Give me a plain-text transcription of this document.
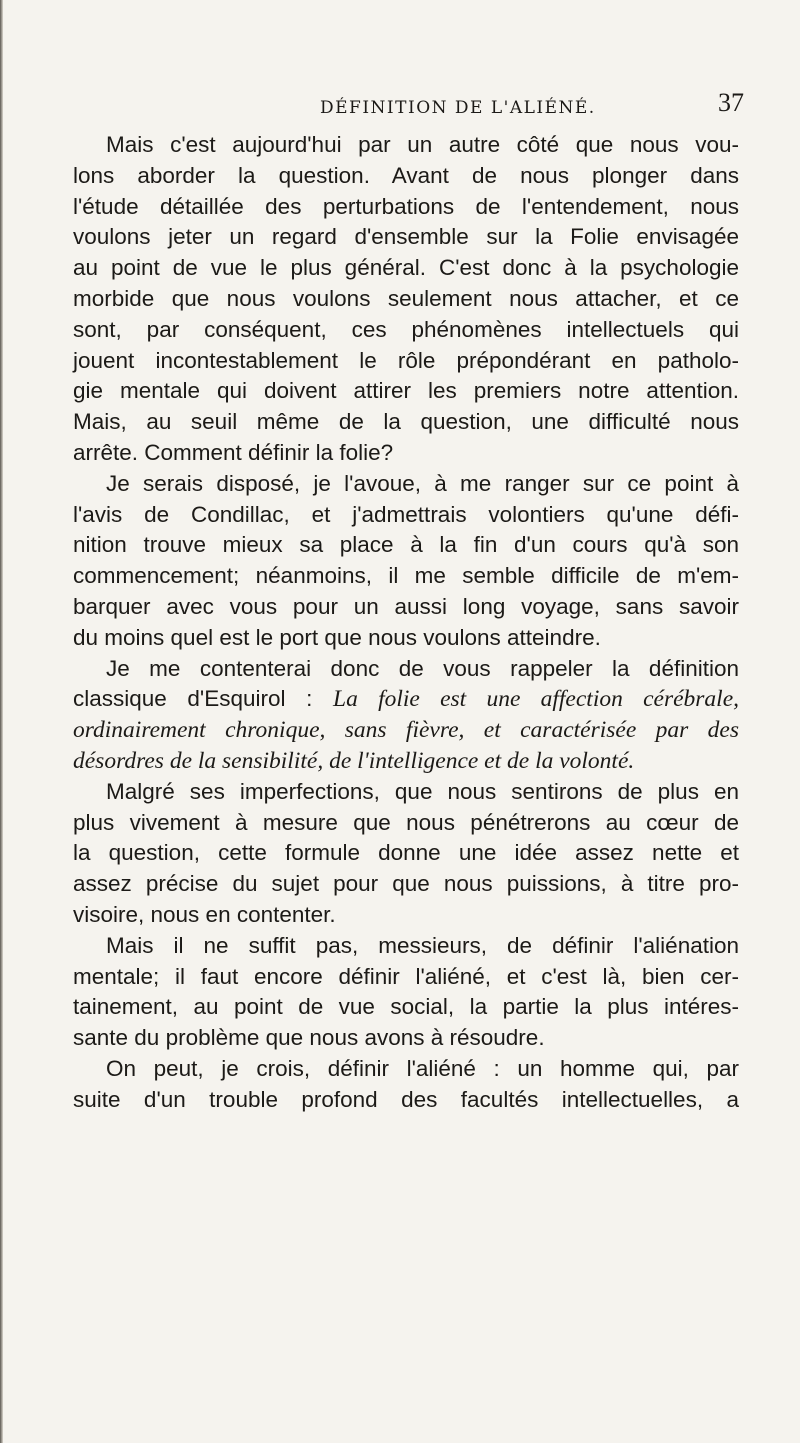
DÉFINITION DE L'ALIÉNÉ.	37
Mais c'est aujourd'hui par un autre côté que nous vou-
lons aborder la question. Avant de nous plonger dans
l'étude détaillée des perturbations de l'entendement, nous
voulons jeter un regard d'ensemble sur la Folie envisagée
au point de vue le plus général. C'est donc à la psychologie
morbide que nous voulons seulement nous attacher, et ce
sont, par conséquent, ces phénomènes intellectuels qui
jouent incontestablement le rôle prépondérant en patholo-
gie mentale qui doivent attirer les premiers notre attention.
Mais, au seuil même de la question, une difficulté nous
arrête. Comment définir la folie?
Je serais disposé, je l'avoue, à me ranger sur ce point à
l'avis de Condillac, et j'admettrais volontiers qu'une défi-
nition trouve mieux sa place à la fin d'un cours qu'à son
commencement; néanmoins, il me semble difficile de m'em-
barquer avec vous pour un aussi long voyage, sans savoir
du moins quel est le port que nous voulons atteindre.
Je me contenterai donc de vous rappeler la définition
classique d'Esquirol : La folie est une affection cérébrale,
ordinairement chronique, sans fièvre, et caractérisée par des
désordres de la sensibilité, de l'intelligence et de la volonté.
Malgré ses imperfections, que nous sentirons de plus en
plus vivement à mesure que nous pénétrerons au cœur de
la question, cette formule donne une idée assez nette et
assez précise du sujet pour que nous puissions, à titre pro-
visoire, nous en contenter.
Mais il ne suffit pas, messieurs, de définir l'aliénation
mentale; il faut encore définir l'aliéné, et c'est là, bien cer-
tainement, au point de vue social, la partie la plus intéres-
sante du problème que nous avons à résoudre.
On peut, je crois, définir l'aliéné : un homme qui, par
suite d'un trouble profond des facultés intellectuelles, a
